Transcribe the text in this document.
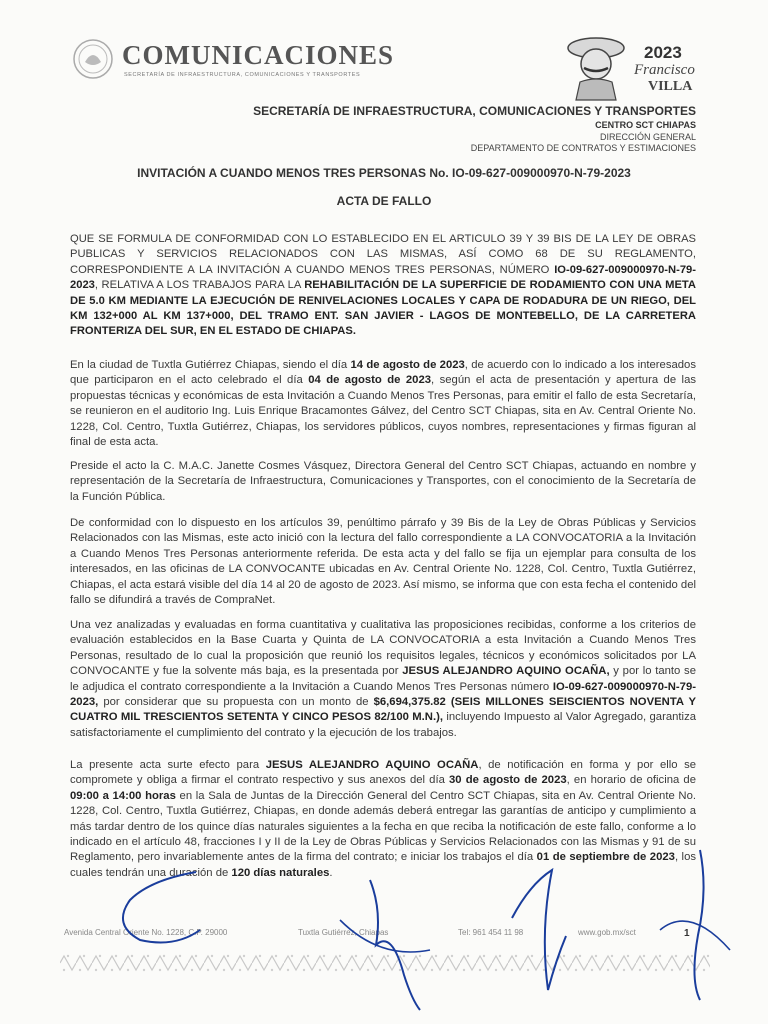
COMUNICACIONES
SECRETARÍA DE INFRAESTRUCTURA, COMUNICACIONES Y TRANSPORTES
2023
Francisco
VILLA
SECRETARÍA DE INFRAESTRUCTURA, COMUNICACIONES Y TRANSPORTES
CENTRO SCT CHIAPAS
DIRECCIÓN GENERAL
DEPARTAMENTO DE CONTRATOS Y ESTIMACIONES
INVITACIÓN A CUANDO MENOS TRES PERSONAS No. IO-09-627-009000970-N-79-2023
ACTA DE FALLO
QUE SE FORMULA DE CONFORMIDAD CON LO ESTABLECIDO EN EL ARTICULO 39 Y 39 BIS DE LA LEY DE OBRAS PUBLICAS Y SERVICIOS RELACIONADOS CON LAS MISMAS, ASÍ COMO 68 DE SU REGLAMENTO, CORRESPONDIENTE A LA INVITACIÓN A CUANDO MENOS TRES PERSONAS, NÚMERO IO-09-627-009000970-N-79-2023, RELATIVA A LOS TRABAJOS PARA LA REHABILITACIÓN DE LA SUPERFICIE DE RODAMIENTO CON UNA META DE 5.0 KM MEDIANTE LA EJECUCIÓN DE RENIVELACIONES LOCALES Y CAPA DE RODADURA DE UN RIEGO, DEL KM 132+000 AL KM 137+000, DEL TRAMO ENT. SAN JAVIER - LAGOS DE MONTEBELLO, DE LA CARRETERA FRONTERIZA DEL SUR, EN EL ESTADO DE CHIAPAS.
En la ciudad de Tuxtla Gutiérrez Chiapas, siendo el día 14 de agosto de 2023, de acuerdo con lo indicado a los interesados que participaron en el acto celebrado el día 04 de agosto de 2023, según el acta de presentación y apertura de las propuestas técnicas y económicas de esta Invitación a Cuando Menos Tres Personas, para emitir el fallo de esta Secretaría, se reunieron en el auditorio Ing. Luis Enrique Bracamontes Gálvez, del Centro SCT Chiapas, sita en Av. Central Oriente No. 1228, Col. Centro, Tuxtla Gutiérrez, Chiapas, los servidores públicos, cuyos nombres, representaciones y firmas figuran al final de esta acta.
Preside el acto la C. M.A.C. Janette Cosmes Vásquez, Directora General del Centro SCT Chiapas, actuando en nombre y representación de la Secretaría de Infraestructura, Comunicaciones y Transportes, con el conocimiento de la Secretaría de la Función Pública.
De conformidad con lo dispuesto en los artículos 39, penúltimo párrafo y 39 Bis de la Ley de Obras Públicas y Servicios Relacionados con las Mismas, este acto inició con la lectura del fallo correspondiente a LA CONVOCATORIA a la Invitación a Cuando Menos Tres Personas anteriormente referida. De esta acta y del fallo se fija un ejemplar para consulta de los interesados, en las oficinas de LA CONVOCANTE ubicadas en Av. Central Oriente No. 1228, Col. Centro, Tuxtla Gutiérrez, Chiapas, el acta estará visible del día 14 al 20 de agosto de 2023. Así mismo, se informa que con esta fecha el contenido del fallo se difundirá a través de CompraNet.
Una vez analizadas y evaluadas en forma cuantitativa y cualitativa las proposiciones recibidas, conforme a los criterios de evaluación establecidos en la Base Cuarta y Quinta de LA CONVOCATORIA a esta Invitación a Cuando Menos Tres Personas, resultado de lo cual la proposición que reunió los requisitos legales, técnicos y económicos solicitados por LA CONVOCANTE y fue la solvente más baja, es la presentada por JESUS ALEJANDRO AQUINO OCAÑA, y por lo tanto se le adjudica el contrato correspondiente a la Invitación a Cuando Menos Tres Personas número IO-09-627-009000970-N-79-2023, por considerar que su propuesta con un monto de $6,694,375.82 (SEIS MILLONES SEISCIENTOS NOVENTA Y CUATRO MIL TRESCIENTOS SETENTA Y CINCO PESOS 82/100 M.N.), incluyendo Impuesto al Valor Agregado, garantiza satisfactoriamente el cumplimiento del contrato y la ejecución de los trabajos.
La presente acta surte efecto para JESUS ALEJANDRO AQUINO OCAÑA, de notificación en forma y por ello se compromete y obliga a firmar el contrato respectivo y sus anexos del día 30 de agosto de 2023, en horario de oficina de 09:00 a 14:00 horas en la Sala de Juntas de la Dirección General del Centro SCT Chiapas, sita en Av. Central Oriente No. 1228, Col. Centro, Tuxtla Gutiérrez, Chiapas, en donde además deberá entregar las garantías de anticipo y cumplimiento a más tardar dentro de los quince días naturales siguientes a la fecha en que reciba la notificación de este fallo, conforme a lo indicado en el artículo 48, fracciones I y II de la Ley de Obras Públicas y Servicios Relacionados con las Mismas y 91 de su Reglamento, pero invariablemente antes de la firma del contrato; e iniciar los trabajos el día 01 de septiembre de 2023, los cuales tendrán una duración de 120 días naturales.
Avenida Central Oriente No. 1228, C.P. 29000	Tuxtla Gutiérrez, Chiapas	Tel: 961 454 11 98	www.gob.mx/sct	1
